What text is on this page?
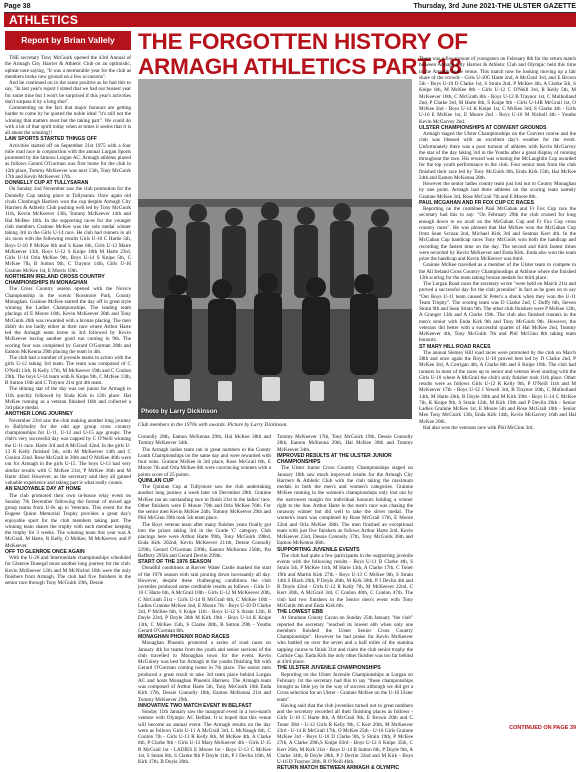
Page 38	Thursday, 3rd June 2021-THE ULSTER GAZETTE
ATHLETICS
Report by Brian Vallely	THE FORGOTTEN HISTORY OF
ARMAGH ATHLETICS PART 18

THE secretary Tony McGuirk opened the 43rd Annual of the Armagh City Harrier & Athletic Club on an optimistic, upbeat note saying, "It was a memorable year for the club as members broke new ground on a few occasions".

And he continued on in the same positive as he had this to say, "In last year's report I stated that we had our busiest year for some time but I won't be surprised if this year's activities don't surpass it by a long shot".

Commenting on the fact that major honours are getting harder to come by he quoted the noble ideal "it's still not the winning that matters most but the taking part". We could do with a bit of that spirit today when at times it seems that it is all about the winning!!

LAW SPORTS STARTED THINGS OFF

Activities started off on September 21st 1975 with a four mile road race in conjunction with the annual Lurgan Sports promoted by the famous Lurgan AC. Armagh athletes placed as follows Gerard O'Gorman was first home for the club in 12th place, Tommy McKeever was next 13th, Tony McGuirk 17th and Kevin McKeever 17th.

DONNELLY CUP AT TULLYSARAN

On Sunday 2nd November saw the club promotion for the Donnelly Cup taking place at Tullysaran. Once again old rivals Clonbrugh Harriers won the cup despite Armagh City Harriers & Athletic Club pushing well led by Tony McGuirk 11th, Kevin McKeever 13th, Tommy McKeever 14th and Hal McBee 16th. In the supporting races for the younger club members Grainne McKee was the sole medal winner taking 3rd in the Girls U-14 race. He club had runners in all six races with the following results Girls U-10 C Hartie 5th, Boys U-10 P McKee 6th and S Kane 6th, Girls U-12 Maire McKeever 13th, Boys U-12 S Knipe 10th M Harte 23rd, Girls U-14 Orla McKee 9th, Boys U-14 S Knipe 5th, C McKee 7th, B Sutton 9th, C Traynor 14th, Girls U-16 Grainne McKee 1st, E Morris 10th.

NORTHERN IRELAND CROSS COUNTRY CHAMPIONSHIPS IN MONAGHAN

The Cross Country season opened with the Novice Championship in the scenic Rossmore Park, County Monaghan. Grainne McKee started the day off in great style winning the Ladies Championships. The leading team placings of E Moore 10th, Kevin McKeever 20th and Tony McGuirk 26th was rewarded with a bronze placing. The men didn't do too badly either in their race where Arthur Harte led the Armagh team home in 3rd followed by Kevin McKeever having another good run coming in 9th. The scoring four was completed by Gerard O'Gorman 28th and Eamon McKenna 29th placing the team in 4th.

The club had a number of juvenile teams in action with the girls U-12 taking 3rd team. The team was composed of C O'Neill 11th, R Kelly 17th, M McKeever 19th and C Conlon 29th. The boys U-14 team with K Knipe 9th, C McKee 13th, B Sutton 16th and C Traynor 21st got 4th team.

The shining star of the day was our junior for Armagh in 11th quickly followed by Enda Kirk in 12th place. Hal McKee running as a veteran finished 16th and collected a 3rd place medal.

ANOTHER LONG JOURNEY

November 23rd saw the club making another long journey to Ballybofey for the odd age group cross country championships for U-11, U-13 and U-15 age groups. The club's very successful day was capped by C O'Neill winning the U-11 race. Harte 3rd and A McGrail 42nd. In the girls U-13 R Kelly finished 5th, with M McKeever 14th and C Conlon 22nd. Rose McGrail in 30th and O McKee 46th were out for Armagh in the girls U-15. The boys U-13 had very similar results with C McKee 21st, P McKee 36th and M Harte 42nd. However, as the secretary said they all gained valuable experience and taking part is what really counts.

AN ENJOYABLE DAY AT HOME

The club promoted their own in-house relay event on Sunday 7th December following the format of mixed age group teams from U-9s up to Veterans. This event for the Eugene Quinn Memorial Trophy provides a great day's enjoyable sport for the club members taking part. The winning team shares the trophy with each member keeping the trophy for 3 weeks. The winning team this year was A McGrail, M Harte, R Kelly, O McKee, M McKeever, and P McKeever.

OFF TO GLENROE ONCE AGAIN

With the U-20 and Intermediate championships scheduled for Glenroe Donegal more another long journey for the club. Kevin McKeever 12th and M McNichol 18th were the only finishers from Armagh. The club had five finishers in the senior race through Tony McGuirk 19th, Dessie

Photo by Larry Dickinson
Club members in the 1970s with awards. Picture by Larry Dickinson.

Connolly 28th, Eamon McKenna 29th, Hal McKee 38th and Tommy McKeever 34th.

The Armagh ladies team ran in great numbers in the County Louth Championships on the same day and were rewarded with four wins. Grainne McKee in 3rd place, Rose McGrail 6th, E Moore 7th and Orla McKee 8th were convincing winners with a points score of 25 points.

QUINLAN CUP

The Quinlan Cup at Tullymore saw the club undertaking another long journey a week later on December 28th. Grainne McKee ran an outstanding race to finish 21st in the ladies' race. Other finishers were E Moore 79th and Orla McKee 76th. For the senior men Kevin McKee 24th, Tommy McKeever 29th and Phil McGinn 39th took 5th team place.

The Boys veteran team after many finishes years finally got into the prizes taking 3rd in the Grade 'C' category. Club placings here were Arthur Harte 99th, Tony McGuirk 198rd, Enda Kirk 202nd, Kevin McKeever 211th, Dessie Connolly 229th, Gerard O'Gorman 230th, Eamon McKenna 258th, Pat Rafferty 295th and Gerard Devlin 299th.

START OF THE 1976 SEASON

Dreadful conditions at Ravver Water Castle marked the start of the 1976 season with rain pouring down incessantly all day. However, despite these challenging conditions the club juveniles produced some creditable results as follows - Girls U-10 C Harte 6th, A McGrail 10th - Girls U-12 M McKeever 20th, C McGrath 51st - Girls U-14 R McGrail 6th, C McKee 10th - Ladies Grainne McKee 2nd, E Moore 7th - Boys U-10 D Clarke 3rd, P McKee 6th, S Knipe 11th - Boys U-12 S Strain 12th, B Doyle 23rd, P Doyle 26th M Kirk 19th - Boys U-14 K Knipe 13th, C McKee 15th, S Clarke 28th, B Sutton 29th - Youths Gerard O'Gorman 8th.

MONAGHAN PHOENIX ROAD RACES

Monaghan Phoenix promoted a series of road races on January 4th for teams from the youth and senior sections of the club travelled to Monaghan town for the event. Kevin McGuirey was best for Armagh in the youths finishing 9th with Gerard O'Gorman coming home in 7th place. The senior men produced a great result to take 3rd team place behind Lurgan AC and hosts Monaghan Phoenix Harriers. The Armagh team was composed of Arthur Harte 5th, Tony McGuirk 16th Enda Kirk 17th, Dessie Connolly 18th, Eamon McKenna 21st and Tommy McKeever 29th.

INNOVATIVE TWO MATCH EVENT IN BELFAST

Sunday 11th January saw the inaugural event in a two-match venture with Olympic AC Belfast. It is hoped that this venue will become an annual event. The Armagh results on the day were as follows Girls U-11 A McGrail 3rd, L McNaugh 6th, C Conlon 7th - Girls U-13 R Kelly 6th, M McKee 4th, A Clarke 8th, P Clarke 9th - Girls U-13 Mary McKeever 4th - Girls U-15 R McGrail 1st - LADIES E Moore 1st - Boys U-13 C McKee 1st, S Strain 6th, S Clarke 9th P Doyle 11th, P J Devlin 16th, M Kirk 17th, B Doyle 20th.

Tommy McKeever 17th, Tony McGuirk 19th, Dessie Connolly 28th, Eamon McKenna 29th, Hal McKee 30th and Tommy McKeever 34th.

IMPROVED RESULTS AT THE ULSTER JUNIOR CHAMPIONSHIPS

The Ulster Junior Cross Country Championships staged on January 18th saw much improved results for the Armagh City Harriers & Athletic Club with the club taking the maximum medals in both the men's and women's categories. Grainne McKee running in the women's championships only lost out by the narrowest margin for individual honours holding a winner right to the line. Arthur Harte in the men's race was chasing the runaway winner but did well to take the silver medal. The women's team was completed by Rose McGrail 17th, E Moore 22nd and Orla McKee 38th. The men finished an exceptional team with just five finishers as follows Arthur Harte 2nd, Kevin McKeever 23rd, Dessie Connolly 37th, Tony McGuirk 36th and Eamon McKenna 46th.

SUPPORTING JUVENILE EVENTS

The club had quite a few participants in the supporting juvenile events with the following results - Boys U-11 D Clarke 4th, S Strain 5th, P McKee 11th, M Harte 13th, A Clarke 17th, C Toner 19th and Martin Kirk 27th - Boys U-13 C McKee 9th, S Strain 14th S Black 20th, P Doyle 26th, M Kirk 30th, P J Devlin 4th and B Doyle 42nd - Girls U-12 R Kelly 7th, M McKeever 22nd, C Kerr 30th, A McGrail 3rd, C Conlon 40th, C Conlon 47th. The club had two finishers in the Senior men's event with Tony McGuirk 4th and Enda Kirk 6th.

THE LOWEST EBB

At Stradone County Cavan on Sunday 25th January "the club" reported the secretary "reached its lowest ebb when only one members finished the Ulster Senior Cross Country Championships". However he had praise for Kevin McKeever who battled on over the seven and a half miles of the stamina sapping course to finish 31st and claim the club senior trophy the Carlisle Cup. Enda Kirk the only other finisher was too far behind at 43rd place.

THE ULSTER JUVENILE CHAMPIONSHIPS

Reporting on the Ulster Juvenile Championships at Lurgan on February 1st the secretary had this to say "these championships brought us little joy in the way of success although we did get a Cross selection for an Ulster - Grainne McKee on the U-16 Ulster team".

Having said that the club juveniles turned out in great numbers and the secretary recorded all their finishing places as follows - Girls U-10 C Harte 8th, A McGrail 9th, E Brown 20th and C Toner 38st - U-12 Girls R Kelly 9th, C Kerr 20th, M McKeever 23rd - U-14 R McGrail 17th, O McKee 25th - U-16 Girls Grainne McKee 3rd - Boys U-10 D Clarke 9th, S Strain 19th, P McKee 27th, A Clarke 29th,S Knipe 83rd - Boys U-12 S Knipe 35th, C Kerr 26th, M Kirk 31st - Boys U-14 B Sutton 6th, P Doyle 9th, A Clarke 34th, B Doyle 28th, P J Devlin 32nd and M Kirk - Boys U-16 D Traynor 28th, R O'Neill 46th.

RETURN MATCH BETWEEN ARMAGH & OLYMPIC

There was a fine turnout of youngsters on February 8th for the return match between Armagh City Harrier & Athletic Club and Olympic held this time in the Armagh home venue. This match now be looking moving up a fair share of the crowds - Girls U-10C Harte 2nd, A McGrail 3rd, and E Brown 5th - Boys U-10 D Clarke 1st, S Strain 2nd, P McKee 4th, A Clarke 5th, S Knipe 6th, M McKee 8th - Girls U-12 C O'Neill 3rd, R Kelly 5th, M McKeever 10th, C McGrath 8th - Boys U-12 B Traynor 1st, C Mulholland 2nd, P Clarke 3rd, M Harte 6th, S Knipe 9th - Girls U-14R McGrail 1st, O McKee 2nd - Boys U-14 K Knipe 1st, C McKee 3rd, S Clarke 4th - Girls U-16 E McKee 1st, E Moore 2nd - Boys U-16 M Nicholl 4th - Youths Kevin McGarvey 2nd.

ULSTER CHAMPIONSHIPS AT CONVENT GROUNDS

Armagh staged the Ulster Championships on the Convent course and the club was blessed with an excellent day's weather for the event. Unfortunately there was a poor turnout of athletes with Kevin McGarvey the star of the day taking 3rd in the Youths after a great display of running throughout the race. His reward was winning the McLaughlin Cup awarded for the top youth performance in the club. Four senior men from the club finished their race led by Tony McGuirk 8th, Enda Kirk 15th, Hal McKee 24th and Eamon McKenna 28th.

However the senior ladies county team just lost out to County Monaghan by one point. Armagh had three athletes on the scoring team namely Grainne McKee 3rd, Rose McGrail 7th and E Moore 8th.

PAUL MCGAHAN AND FR FOX CUP CC RACES

Reporting on the combined Paul McGahan and Fr Fox Cup race the secretary had this to say: "On February 29th the club cruised for long enough down to no avail on the McGahan Cup and Fr Fox Cup cross country races". He was pleased that Hal McKee won the McGahan Cup from Sean Scroan 2nd, Michael Kirk 3rd and Seamus Kerr 4th. In the McGahan Cup handicap races Tony McGuirk won both the handicap and recording the fastest time on the day. The second and third fastest times were recorded by Kevin McKeever and Enda Kirk. Enda also won the team prize the handicap and Kevin McKeever was third.

Grainne McKee travelled as a member of the Ulster team to compete in the All Ireland Cross Country Championships at Athlone where she finished 12th scoring for the team taking bronze medals for third place.

The Lurgan Road races the secretary wrote "were held on March 21st and proved a successful day for the club juveniles" in fact as he goes on to say "Our Boys U-11 team caused St Peter's a shock when they won the U-11 Team Trophy". The scoring team was D Clarke 2nd, C Duffy 6th, Steven Strain 9th and Sean Strain 9th. The other club finishers were P McKee 12th, A Granger 13th and A Clarke 19th. The club also finished runners in the men's senior with Enda Kirk 9th and Tony McGuirk 9th. However, the veterans did better with a successful quartet of Hal McKee 2nd, Tommy McKeever 4th, Tony McGuirk 7th and Phil McGinn 8th taking team honours.

ST MARY HILL ROAD RACES

The annual Slemey Hill road races were promoted by the club on March 28th and once again the Boys U-10 proved best led by D Clarke 2nd, P McKee 3rd, A Corrigan 4th, A Clarke 8th and S Knipe 10th. The club had runners in most of the races up to senior and veteran level starting with the Girls U-10 where A McGrail the club's only finisher took 11th place. Other results were as follows Girls U-12 R Kelly 9th, P O'Neill 11th and M McKeever 17th - Boys U-12 J Yewell 3rd, B Traynor 10th, C Mulholland 14th, M Harte 26th, B Doyle 30th and M Kirk 39th - Boys U-14 C McKee 7th, K Knipe 9th, S Strain 12th, M Kirk 19th and P Devlin 26th - Senior Ladies Grainne McKee 1st, E Moore 5th and Rose McGrail 10th - Senior Men Tony McGuirk 13th, Enda Kirk 14th, Kevin McGarvey 16th and Hal McKee 20th.

Hal also won the veterans race with Phil McGinn 3rd.

CONTINUED ON PAGE 39
